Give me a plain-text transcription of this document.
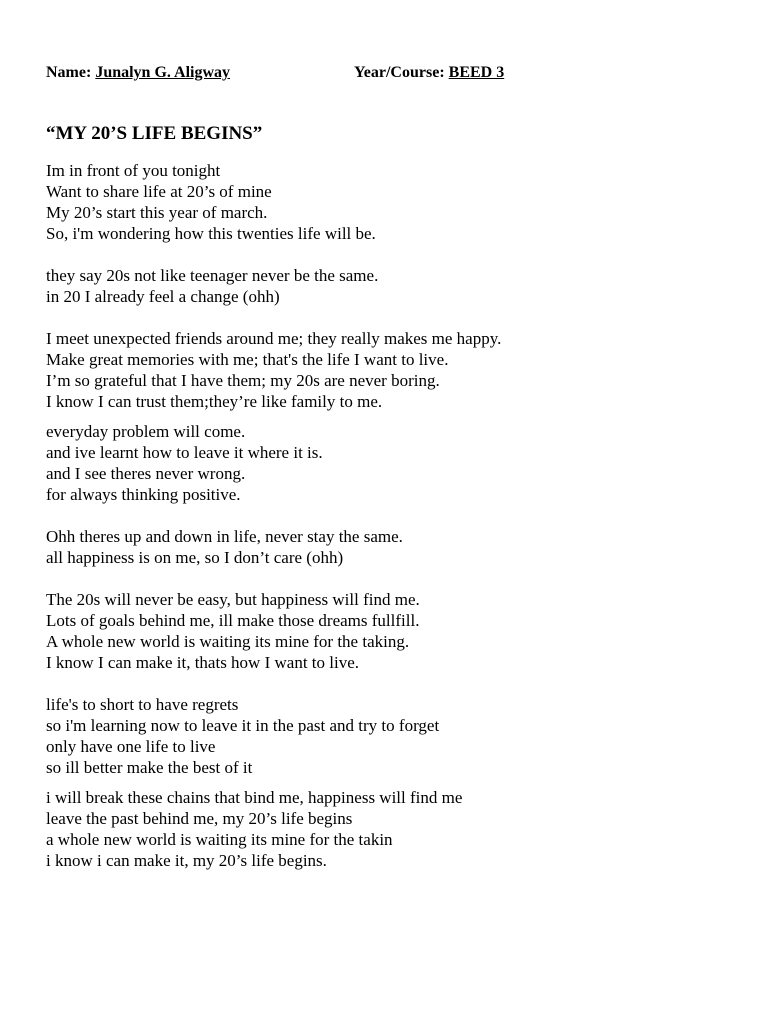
Name: Junalyn G. Aligway	Year/Course: BEED 3
“MY 20’S LIFE BEGINS”

Im in front of you tonight
Want to share life at 20’s of mine
My 20’s start this year of march.
So, i'm wondering how this twenties life will be.

they say 20s not like teenager never be the same.
in 20 I already feel a change (ohh)

I meet unexpected friends around me; they really makes me happy.
Make great memories with me; that's the life I want to live.
I’m so grateful that I have them; my 20s are never boring.
I know I can trust them;they’re like family to me.

everyday problem will come.
and ive learnt how to leave it where it is.
and I see theres never wrong.
for always thinking positive.

Ohh theres up and down in life, never stay the same.
all happiness is on me, so I don’t care (ohh)

The 20s will never be easy, but happiness will find me.
Lots of goals behind me, ill make those dreams fullfill.
A whole new world is waiting its mine for the taking.
I know I can make it, thats how I want to live.

life's to short to have regrets
so i'm learning now to leave it in the past and try to forget
only have one life to live
so ill better make the best of it

i will break these chains that bind me, happiness will find me
leave the past behind me, my 20’s life begins
a whole new world is waiting its mine for the takin
i know i can make it, my 20’s life begins.
